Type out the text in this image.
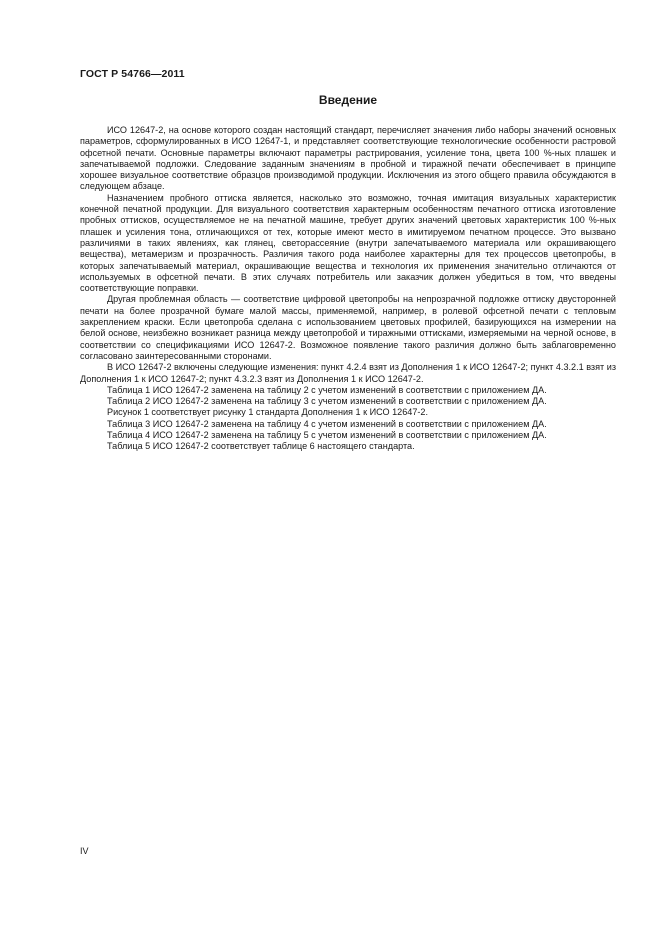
ГОСТ Р 54766—2011
Введение

ИСО 12647-2, на основе которого создан настоящий стандарт, перечисляет значения либо наборы значений основных параметров, сформулированных в ИСО 12647-1, и представляет соответствующие технологические особенности растровой офсетной печати. Основные параметры включают параметры растрирования, усиление тона, цвета 100 %-ных плашек и запечатываемой подложки. Следование заданным значениям в пробной и тиражной печати обеспечивает в принципе хорошее визуальное соответствие образцов производимой продукции. Исключения из этого общего правила обсуждаются в следующем абзаце.

Назначением пробного оттиска является, насколько это возможно, точная имитация визуальных характеристик конечной печатной продукции. Для визуального соответствия характерным особенностям печатного оттиска изготовление пробных оттисков, осуществляемое не на печатной машине, требует других значений цветовых характеристик 100 %-ных плашек и усиления тона, отличающихся от тех, которые имеют место в имитируемом печатном процессе. Это вызвано различиями в таких явлениях, как глянец, светорассеяние (внутри запечатываемого материала или окрашивающего вещества), метамеризм и прозрачность. Различия такого рода наиболее характерны для тех процессов цветопробы, в которых запечатываемый материал, окрашивающие вещества и технология их применения значительно отличаются от используемых в офсетной печати. В этих случаях потребитель или заказчик должен убедиться в том, что введены соответствующие поправки.

Другая проблемная область — соответствие цифровой цветопробы на непрозрачной подложке оттиску двусторонней печати на более прозрачной бумаге малой массы, применяемой, например, в ролевой офсетной печати с тепловым закреплением краски. Если цветопроба сделана с использованием цветовых профилей, базирующихся на измерении на белой основе, неизбежно возникает разница между цветопробой и тиражными оттисками, измеряемыми на черной основе, в соответствии со спецификациями ИСО 12647-2. Возможное появление такого различия должно быть заблаговременно согласовано заинтересованными сторонами.

В ИСО 12647-2 включены следующие изменения: пункт 4.2.4 взят из Дополнения 1 к ИСО 12647-2; пункт 4.3.2.1 взят из Дополнения 1 к ИСО 12647-2; пункт 4.3.2.3 взят из Дополнения 1 к ИСО 12647-2.

Таблица 1 ИСО 12647-2 заменена на таблицу 2 с учетом изменений в соответствии с приложением ДА.

Таблица 2 ИСО 12647-2 заменена на таблицу 3 с учетом изменений в соответствии с приложением ДА.

Рисунок 1 соответствует рисунку 1 стандарта Дополнения 1 к ИСО 12647-2.

Таблица 3 ИСО 12647-2 заменена на таблицу 4 с учетом изменений в соответствии с приложением ДА.

Таблица 4 ИСО 12647-2 заменена на таблицу 5 с учетом изменений в соответствии с приложением ДА.

Таблица 5 ИСО 12647-2 соответствует таблице 6 настоящего стандарта.

IV
